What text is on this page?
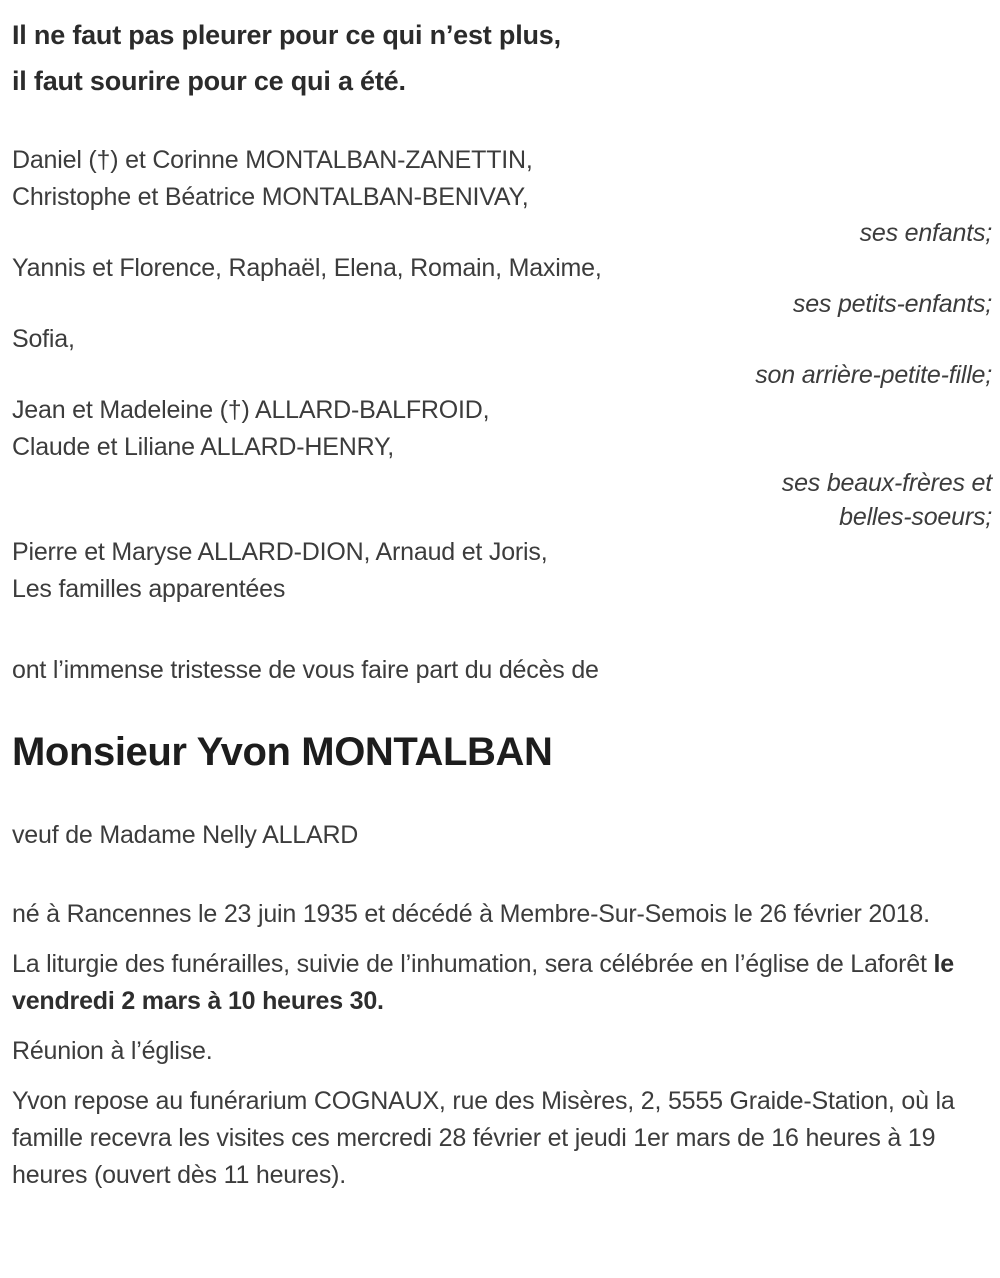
Il ne faut pas pleurer pour ce qui n’est plus,
il faut sourire pour ce qui a été.
Daniel (†) et Corinne MONTALBAN-ZANETTIN,
Christophe et Béatrice MONTALBAN-BENIVAY,
ses enfants;
Yannis et Florence, Raphaël, Elena, Romain, Maxime,
ses petits-enfants;
Sofia,
son arrière-petite-fille;
Jean et Madeleine (†) ALLARD-BALFROID,
Claude et Liliane ALLARD-HENRY,
ses beaux-frères et belles-soeurs;
Pierre et Maryse ALLARD-DION, Arnaud et Joris,
Les familles apparentées
ont l’immense tristesse de vous faire part du décès de
Monsieur Yvon MONTALBAN
veuf de Madame Nelly ALLARD
né à Rancennes le 23 juin 1935 et décédé à Membre-Sur-Semois le 26 février 2018.
La liturgie des funérailles, suivie de l’inhumation, sera célébrée en l’église de Laforêt le vendredi 2 mars à 10 heures 30.
Réunion à l’église.
Yvon repose au funérarium COGNAUX, rue des Misères, 2, 5555 Graide-Station, où la famille recevra les visites ces mercredi 28 février et jeudi 1er mars de 16 heures à 19 heures (ouvert dès 11 heures).
